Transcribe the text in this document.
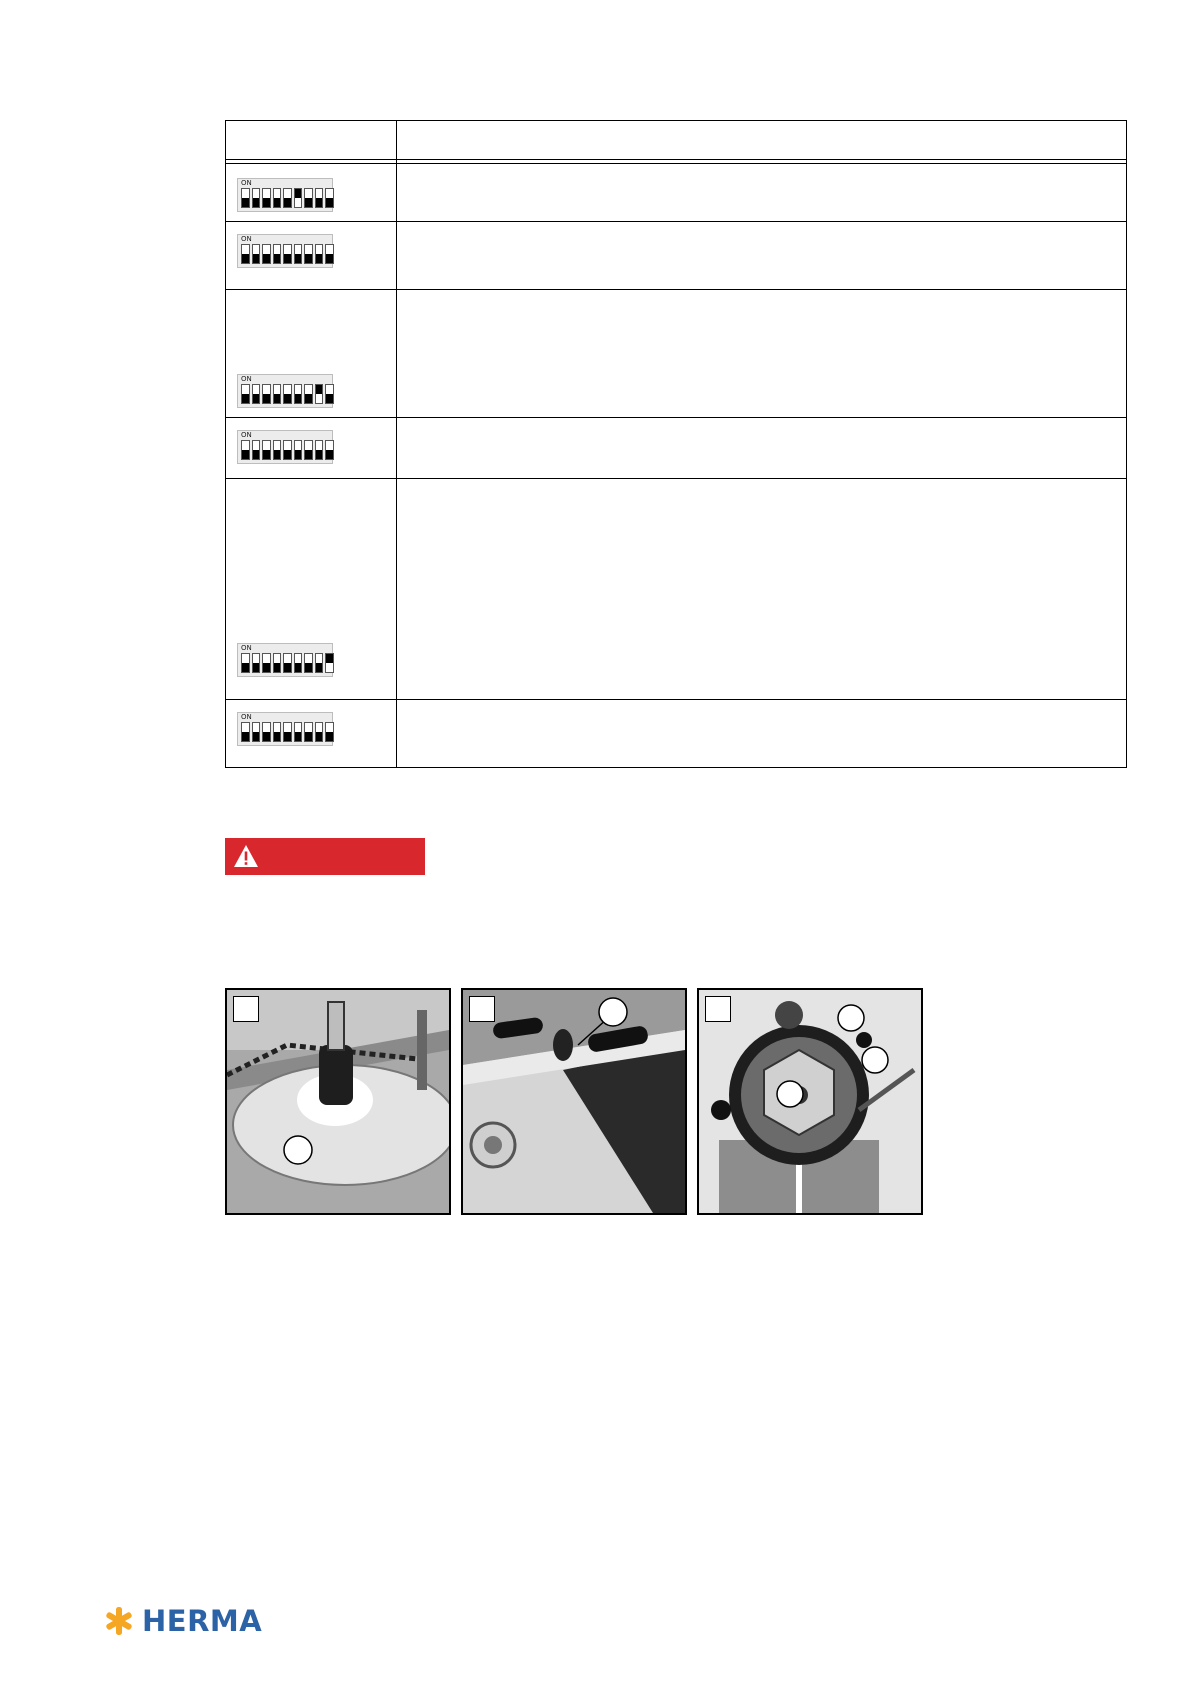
ON	

ON	

ON	

ON	

ON	

ON	

HERMA
